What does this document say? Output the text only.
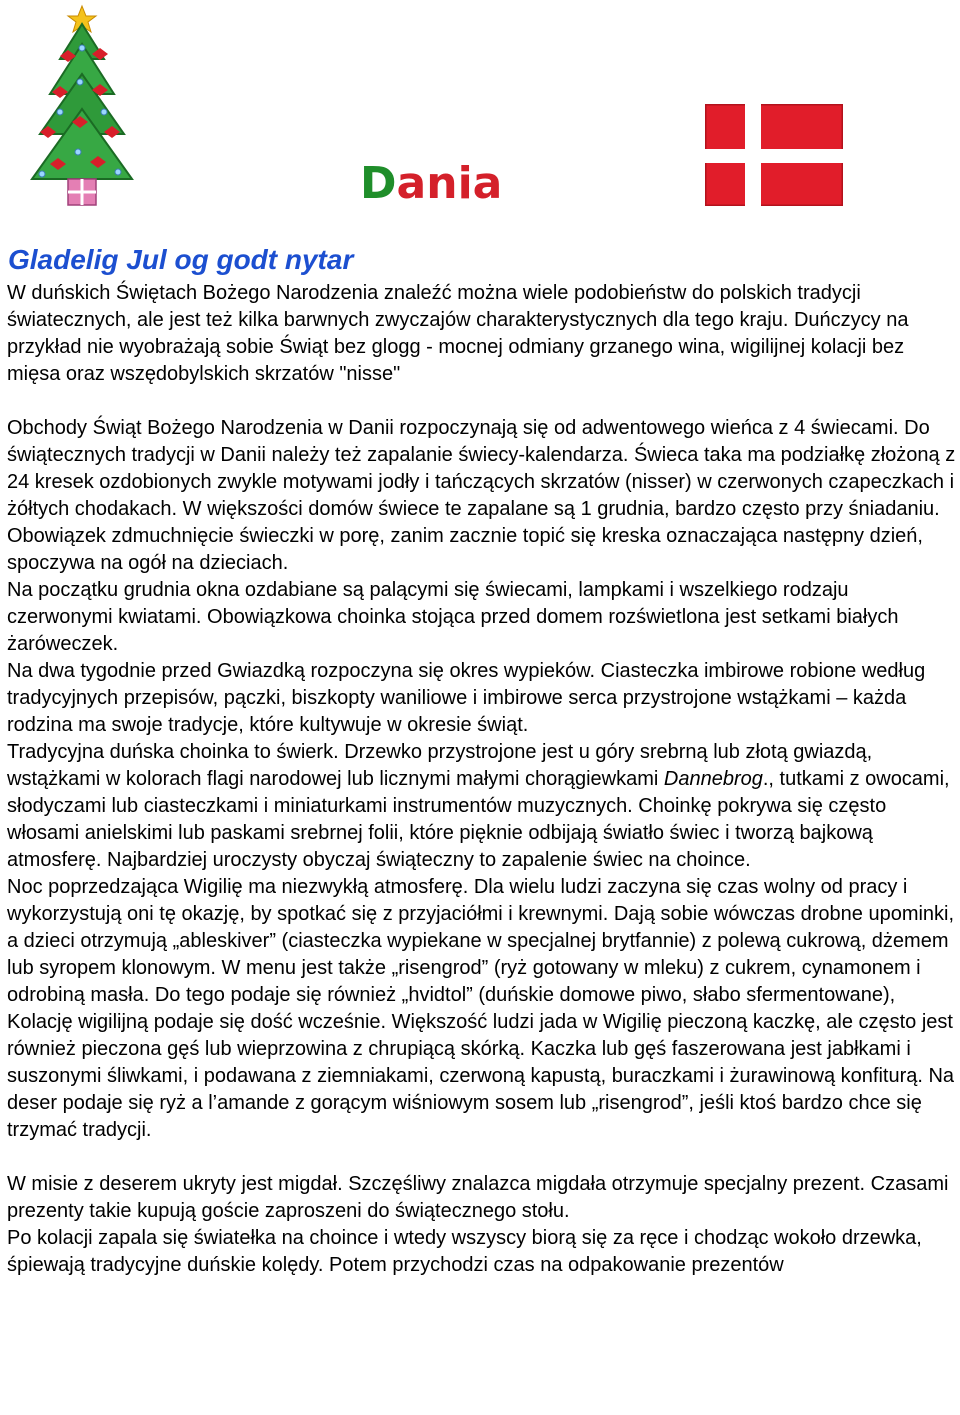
Dania
Gladelig Jul og godt nytar

W duńskich Świętach Bożego Narodzenia znaleźć można wiele podobieństw do polskich tradycji światecznych, ale jest też kilka barwnych zwyczajów charakterystycznych dla tego kraju. Duńczycy na przykład nie wyobrażają sobie Świąt bez glogg - mocnej odmiany grzanego wina, wigilijnej kolacji bez mięsa oraz wszędobylskich skrzatów "nisse"

Obchody Świąt Bożego Narodzenia w Danii rozpoczynają się od adwentowego wieńca z 4 świecami. Do świątecznych tradycji w Danii należy też zapalanie świecy-kalendarza. Świeca taka ma podziałkę złożoną z 24 kresek ozdobionych zwykle motywami jodły i tańczących skrzatów (nisser) w czerwonych czapeczkach i żółtych chodakach. W większości domów świece te zapalane są 1 grudnia, bardzo często przy śniadaniu. Obowiązek zdmuchnięcie świeczki w porę, zanim zacznie topić się kreska oznaczająca następny dzień, spoczywa na ogół na dzieciach.

Na początku grudnia okna ozdabiane są palącymi się świecami, lampkami i wszelkiego rodzaju czerwonymi kwiatami. Obowiązkowa choinka stojąca przed domem rozświetlona jest setkami białych żaróweczek.

Na dwa tygodnie przed Gwiazdką rozpoczyna się okres wypieków. Ciasteczka imbirowe robione według tradycyjnych przepisów, pączki, biszkopty waniliowe i imbirowe serca przystrojone wstążkami – każda rodzina ma swoje tradycje, które kultywuje w okresie świąt.

Tradycyjna duńska choinka to świerk. Drzewko przystrojone jest u góry srebrną lub złotą gwiazdą, wstążkami w kolorach flagi narodowej lub licznymi małymi chorągiewkami Dannebrog., tutkami z owocami, słodyczami lub ciasteczkami i miniaturkami instrumentów muzycznych. Choinkę pokrywa się często włosami anielskimi lub paskami srebrnej folii, które pięknie odbijają światło świec i tworzą bajkową atmosferę. Najbardziej uroczysty obyczaj świąteczny to zapalenie świec na choince.

Noc poprzedzająca Wigilię ma niezwykłą atmosferę. Dla wielu ludzi zaczyna się czas wolny od pracy i wykorzystują oni tę okazję, by spotkać się z przyjaciółmi i krewnymi. Dają sobie wówczas drobne upominki, a dzieci otrzymują „ableskiver” (ciasteczka wypiekane w specjalnej brytfannie) z polewą cukrową, dżemem lub syropem klonowym. W menu jest także „risengrod” (ryż gotowany w mleku) z cukrem, cynamonem i odrobiną masła. Do tego podaje się również „hvidtol” (duńskie domowe piwo, słabo sfermentowane), Kolację wigilijną podaje się dość wcześnie. Większość ludzi jada w Wigilię pieczoną kaczkę, ale często jest również pieczona gęś lub wieprzowina z chrupiącą skórką. Kaczka lub gęś faszerowana jest jabłkami i suszonymi śliwkami, i podawana z ziemniakami, czerwoną kapustą, buraczkami i żurawinową konfiturą. Na deser podaje się ryż a l’amande z gorącym wiśniowym sosem lub „risengrod”, jeśli ktoś bardzo chce się trzymać tradycji.

W misie z deserem ukryty jest migdał. Szczęśliwy znalazca migdała otrzymuje specjalny prezent. Czasami prezenty takie kupują goście zaproszeni do świątecznego stołu.

Po kolacji zapala się światełka na choince i wtedy wszyscy biorą się za ręce i chodząc wokoło drzewka, śpiewają tradycyjne duńskie kolędy. Potem przychodzi czas na odpakowanie prezentów
